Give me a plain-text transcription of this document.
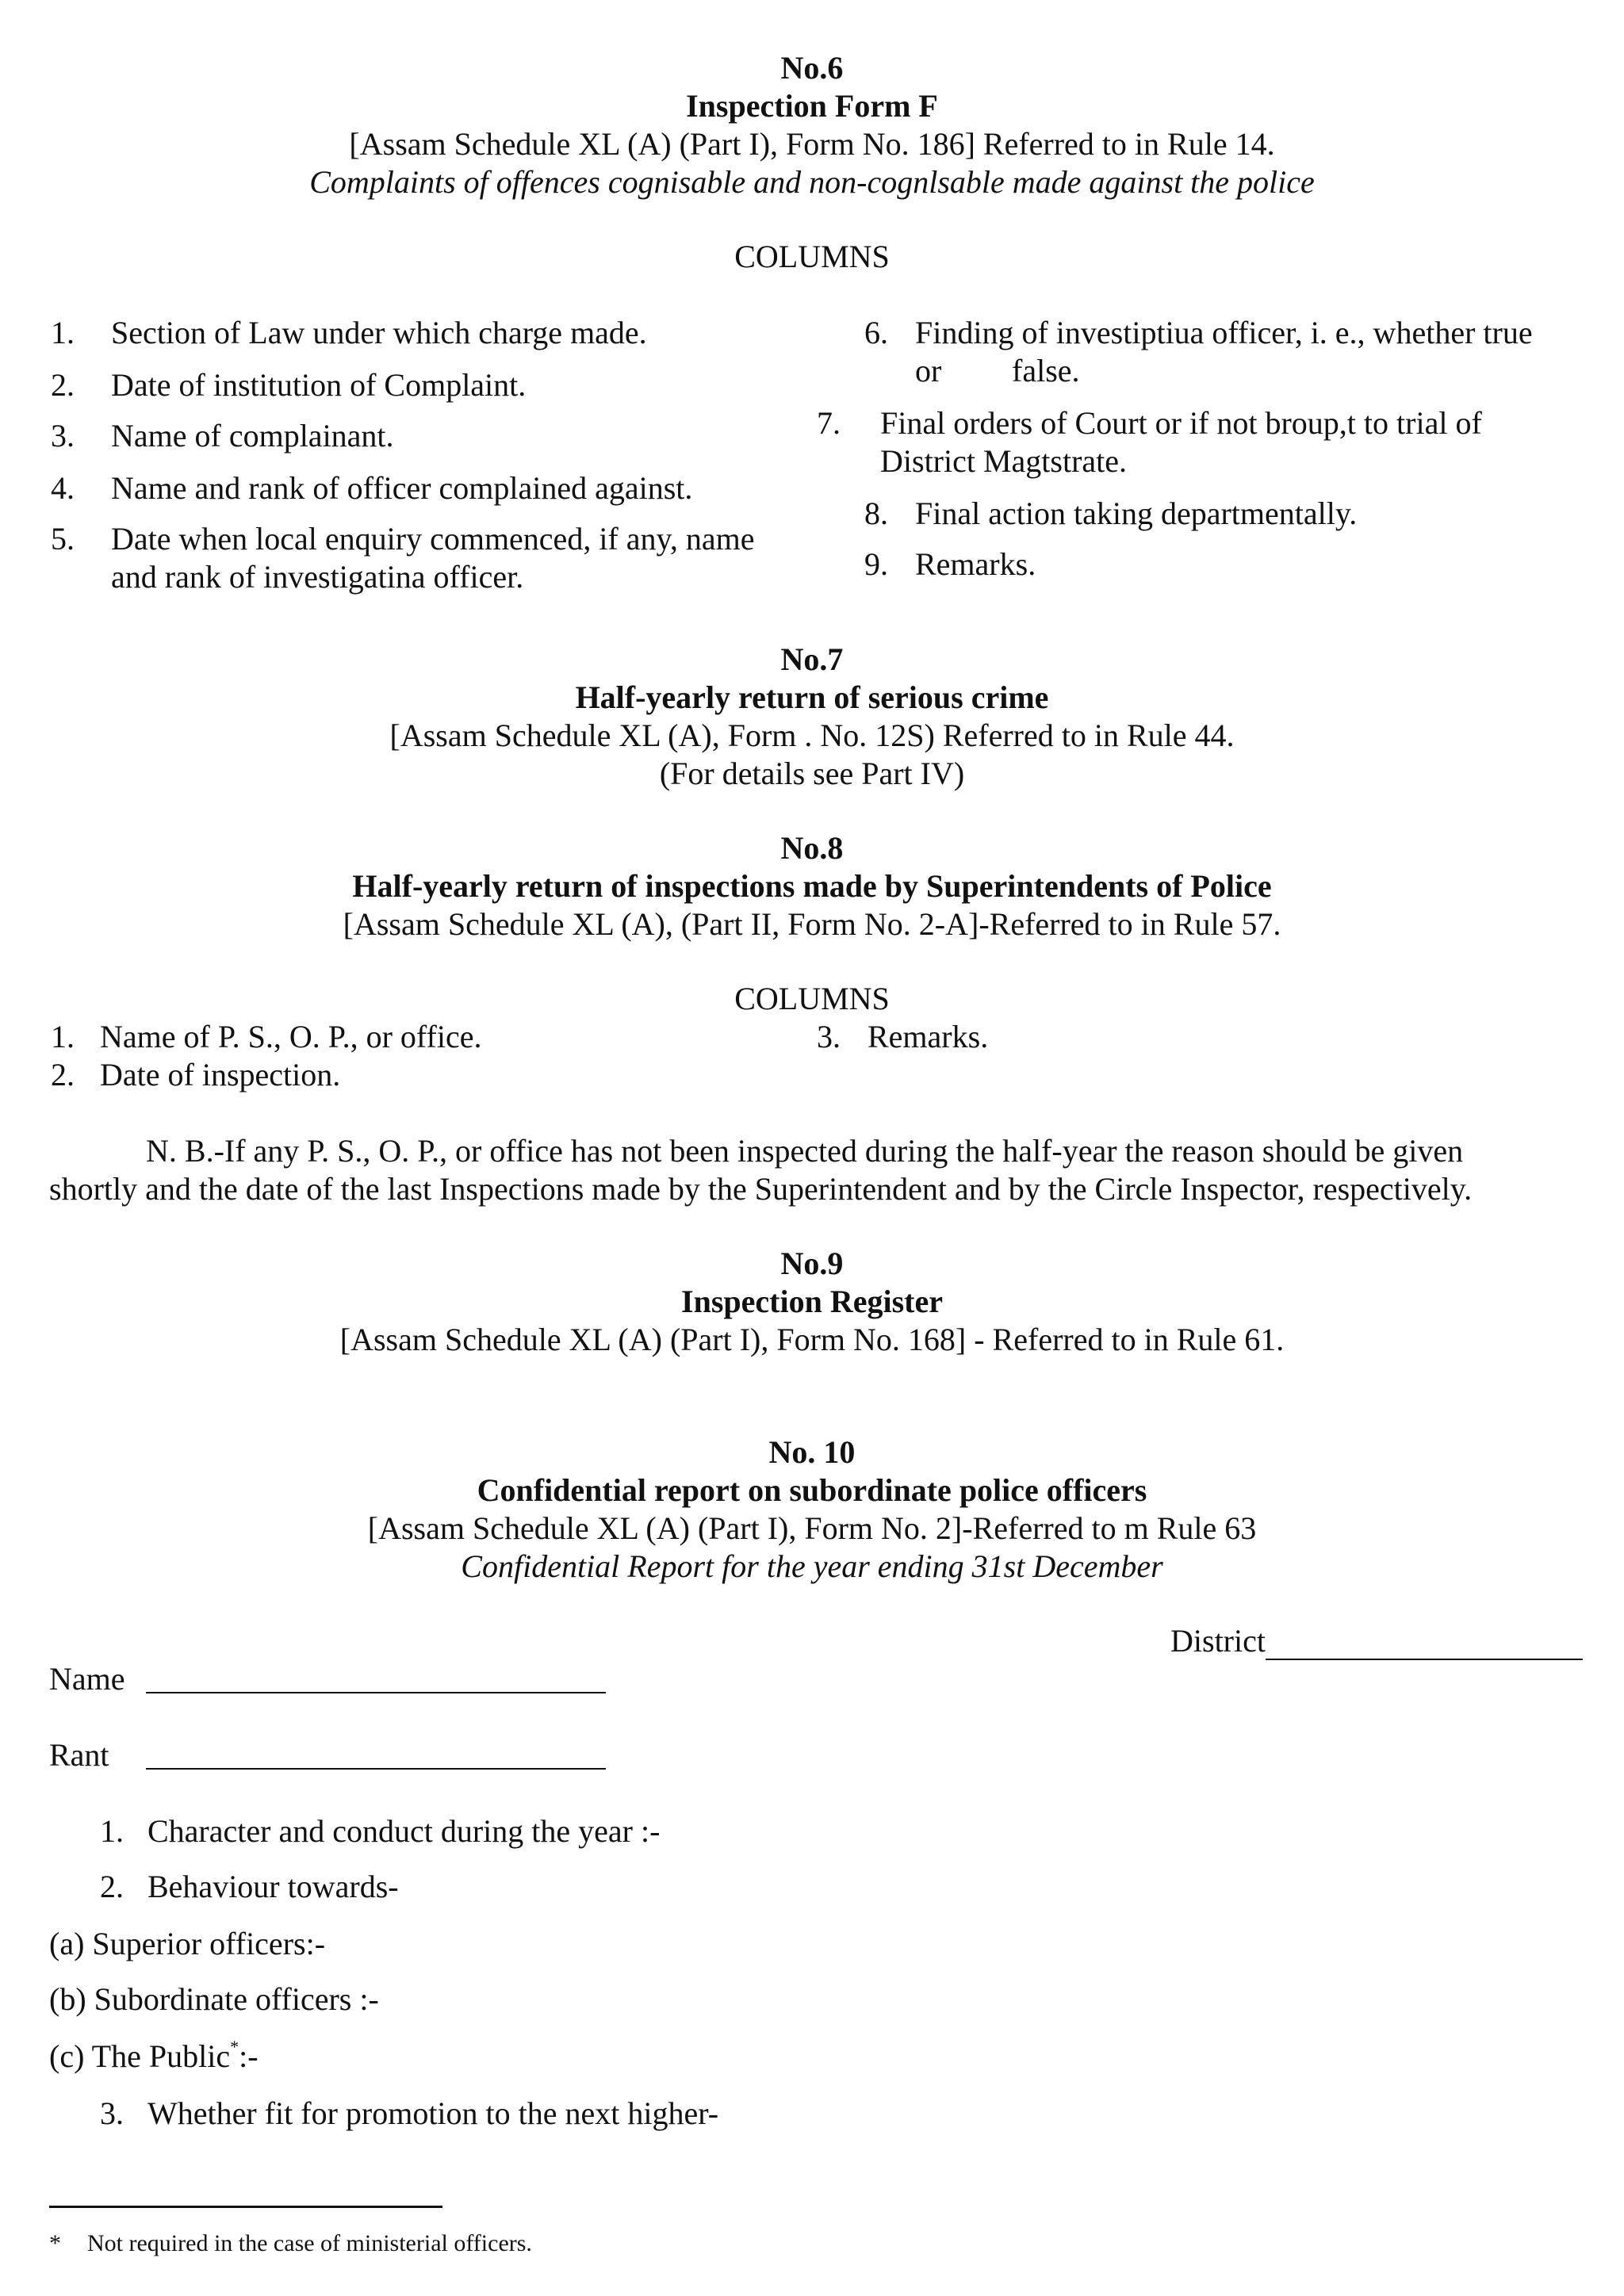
No.6
Inspection Form F
[Assam Schedule XL (A) (Part I), Form No. 186] Referred to in Rule 14.
Complaints of offences cognisable and non-cognlsable made against the police
COLUMNS
1. Section of Law under which charge made.
2. Date of institution of Complaint.
3. Name of complainant.
4. Name and rank of officer complained against.
5. Date when local enquiry commenced, if any, name
and rank of investigatina officer.
6. Finding of investiptiua officer, i. e., whether true
or false.
7. Final orders of Court or if not broup,t to trial of
District Magtstrate.
8. Final action taking departmentally.
9. Remarks.
No.7
Half-yearly return of serious crime
[Assam Schedule XL (A), Form . No. 12S) Referred to in Rule 44.
(For details see Part IV)
No.8
Half-yearly return of inspections made by Superintendents of Police
[Assam Schedule XL (A), (Part II, Form No. 2-A]-Referred to in Rule 57.
COLUMNS
1. Name of P. S., O. P., or office.
2. Date of inspection.
3. Remarks.
N. B.-If any P. S., O. P., or office has not been inspected during the half-year the reason should be given
shortly and the date of the last Inspections made by the Superintendent and by the Circle Inspector, respectively.
No.9
Inspection Register
[Assam Schedule XL (A) (Part I), Form No. 168] - Referred to in Rule 61.
No. 10
Confidential report on subordinate police officers
[Assam Schedule XL (A) (Part I), Form No. 2]-Referred to m Rule 63
Confidential Report for the year ending 31st December
District
Name
Rant
1. Character and conduct during the year :-
2. Behaviour towards-
(a) Superior officers:-
(b) Subordinate officers :-
(c) The Public*:-
3. Whether fit for promotion to the next higher-
* Not required in the case of ministerial officers.
